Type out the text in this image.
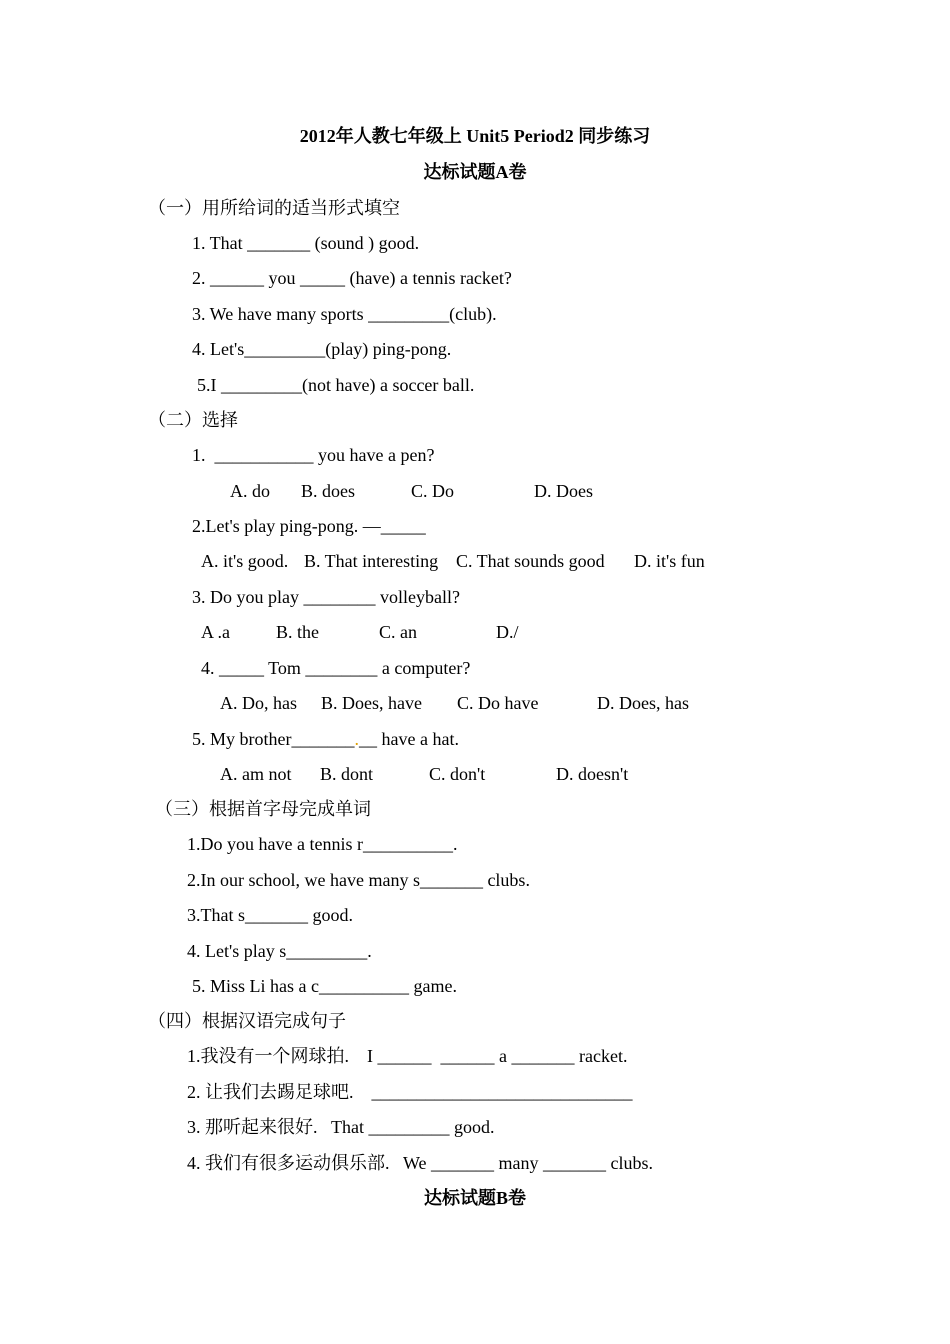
2012年人教七年级上 Unit5 Period2 同步练习
达标试题A卷
（一）用所给词的适当形式填空
1. That _______ (sound ) good.
2. ______ you _____ (have) a tennis racket?
3. We have many sports _________(club).
4. Let's_________(play) ping-pong.
5.I _________(not have) a soccer ball.
（二）选择
1.  ___________ you have a pen?
A. do B. does	C. Do	D. Does
2.Let's play ping-pong. —_____
A. it's good. B. That interesting C. That sounds good D. it's fun
3. Do you play ________ volleyball?
A .a	B. the	C. an	D./
4. _____ Tom ________ a computer?
A. Do, has B. Does, have C. Do have	D. Does, has
5. My brother_______.__ have a hat.
A. am not B. dont	C. don't	D. doesn't
（三）根据首字母完成单词
1.Do you have a tennis r__________.
2.In our school, we have many s_______ clubs.
3.That s_______ good.
4. Let's play s_________.
5. Miss Li has a c__________ game.
（四）根据汉语完成句子
1.我没有一个网球拍.    I ______  ______ a _______ racket.
2. 让我们去踢足球吧.    _____________________________
3. 那听起来很好.   That _________ good.
4. 我们有很多运动俱乐部.   We _______ many _______ clubs.
达标试题B卷
